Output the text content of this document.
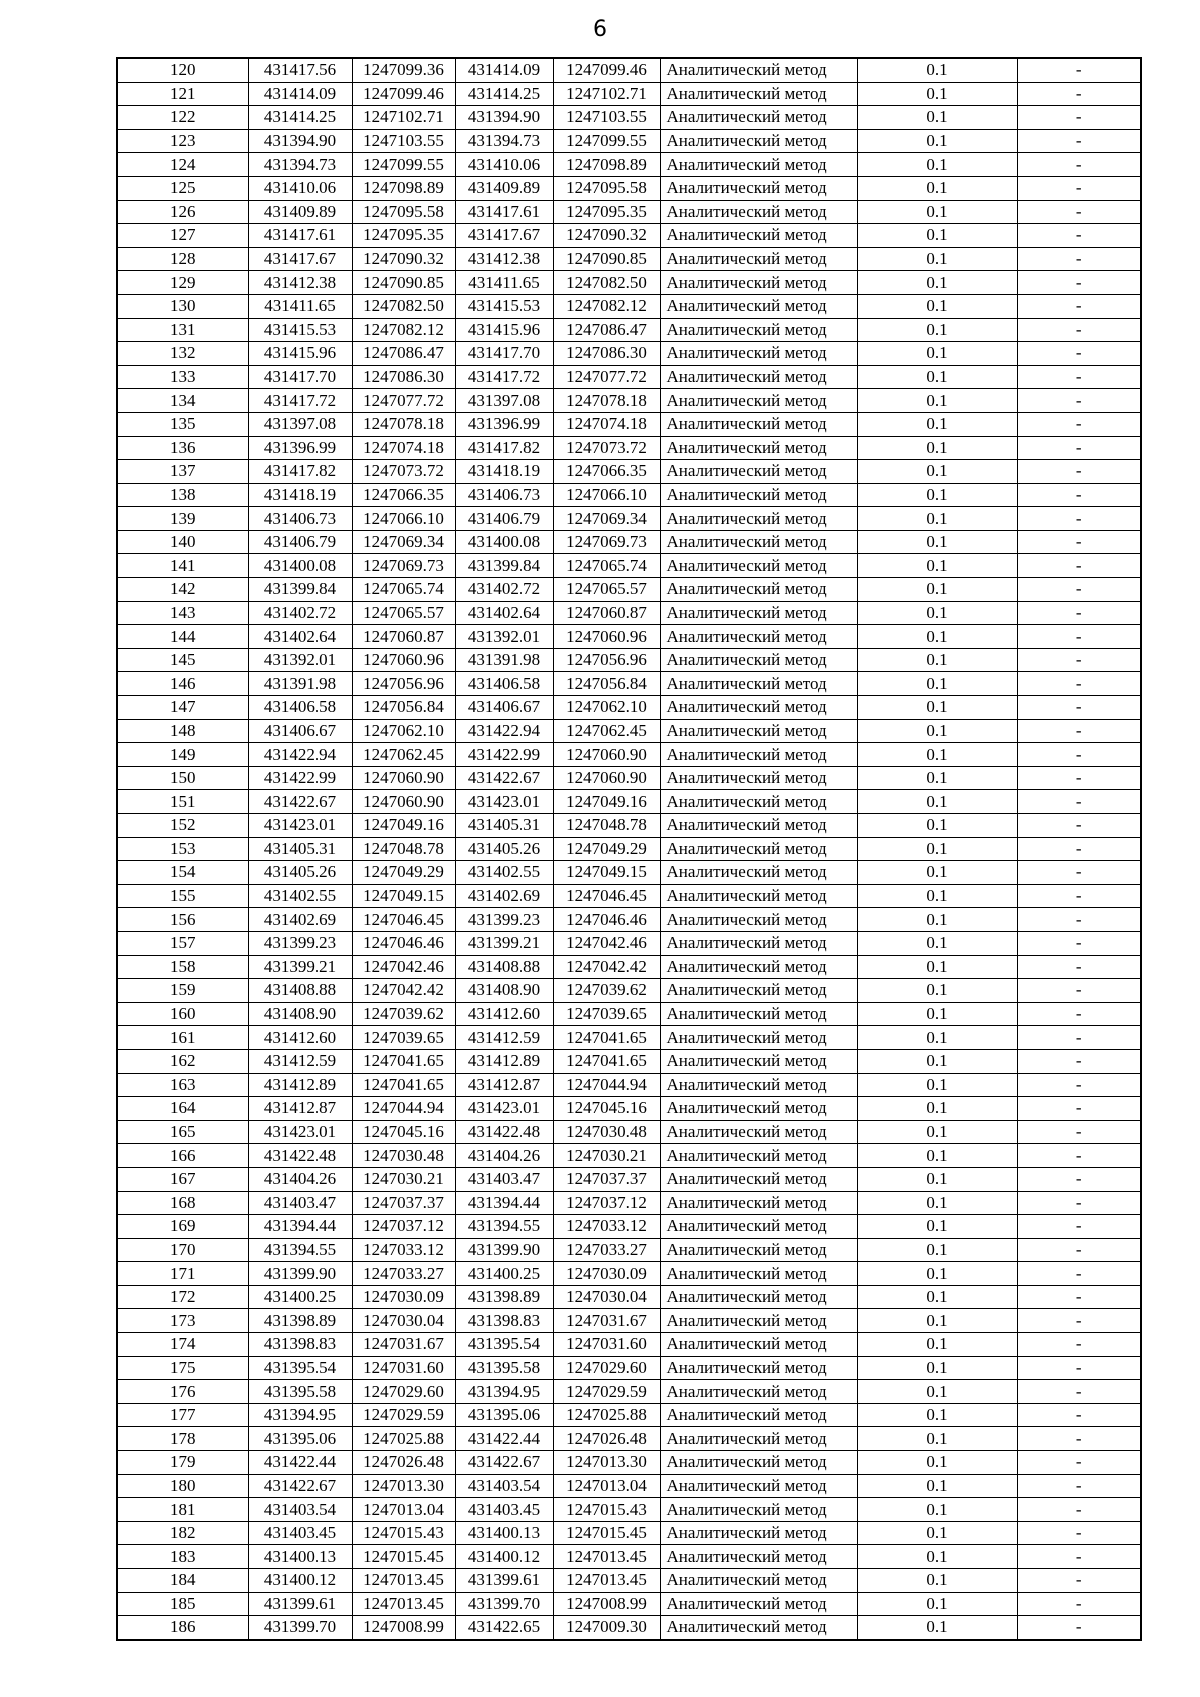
6
120	431417.56	1247099.36	431414.09	1247099.46	Аналитический метод	0.1	-
121	431414.09	1247099.46	431414.25	1247102.71	Аналитический метод	0.1	-
122	431414.25	1247102.71	431394.90	1247103.55	Аналитический метод	0.1	-
123	431394.90	1247103.55	431394.73	1247099.55	Аналитический метод	0.1	-
124	431394.73	1247099.55	431410.06	1247098.89	Аналитический метод	0.1	-
125	431410.06	1247098.89	431409.89	1247095.58	Аналитический метод	0.1	-
126	431409.89	1247095.58	431417.61	1247095.35	Аналитический метод	0.1	-
127	431417.61	1247095.35	431417.67	1247090.32	Аналитический метод	0.1	-
128	431417.67	1247090.32	431412.38	1247090.85	Аналитический метод	0.1	-
129	431412.38	1247090.85	431411.65	1247082.50	Аналитический метод	0.1	-
130	431411.65	1247082.50	431415.53	1247082.12	Аналитический метод	0.1	-
131	431415.53	1247082.12	431415.96	1247086.47	Аналитический метод	0.1	-
132	431415.96	1247086.47	431417.70	1247086.30	Аналитический метод	0.1	-
133	431417.70	1247086.30	431417.72	1247077.72	Аналитический метод	0.1	-
134	431417.72	1247077.72	431397.08	1247078.18	Аналитический метод	0.1	-
135	431397.08	1247078.18	431396.99	1247074.18	Аналитический метод	0.1	-
136	431396.99	1247074.18	431417.82	1247073.72	Аналитический метод	0.1	-
137	431417.82	1247073.72	431418.19	1247066.35	Аналитический метод	0.1	-
138	431418.19	1247066.35	431406.73	1247066.10	Аналитический метод	0.1	-
139	431406.73	1247066.10	431406.79	1247069.34	Аналитический метод	0.1	-
140	431406.79	1247069.34	431400.08	1247069.73	Аналитический метод	0.1	-
141	431400.08	1247069.73	431399.84	1247065.74	Аналитический метод	0.1	-
142	431399.84	1247065.74	431402.72	1247065.57	Аналитический метод	0.1	-
143	431402.72	1247065.57	431402.64	1247060.87	Аналитический метод	0.1	-
144	431402.64	1247060.87	431392.01	1247060.96	Аналитический метод	0.1	-
145	431392.01	1247060.96	431391.98	1247056.96	Аналитический метод	0.1	-
146	431391.98	1247056.96	431406.58	1247056.84	Аналитический метод	0.1	-
147	431406.58	1247056.84	431406.67	1247062.10	Аналитический метод	0.1	-
148	431406.67	1247062.10	431422.94	1247062.45	Аналитический метод	0.1	-
149	431422.94	1247062.45	431422.99	1247060.90	Аналитический метод	0.1	-
150	431422.99	1247060.90	431422.67	1247060.90	Аналитический метод	0.1	-
151	431422.67	1247060.90	431423.01	1247049.16	Аналитический метод	0.1	-
152	431423.01	1247049.16	431405.31	1247048.78	Аналитический метод	0.1	-
153	431405.31	1247048.78	431405.26	1247049.29	Аналитический метод	0.1	-
154	431405.26	1247049.29	431402.55	1247049.15	Аналитический метод	0.1	-
155	431402.55	1247049.15	431402.69	1247046.45	Аналитический метод	0.1	-
156	431402.69	1247046.45	431399.23	1247046.46	Аналитический метод	0.1	-
157	431399.23	1247046.46	431399.21	1247042.46	Аналитический метод	0.1	-
158	431399.21	1247042.46	431408.88	1247042.42	Аналитический метод	0.1	-
159	431408.88	1247042.42	431408.90	1247039.62	Аналитический метод	0.1	-
160	431408.90	1247039.62	431412.60	1247039.65	Аналитический метод	0.1	-
161	431412.60	1247039.65	431412.59	1247041.65	Аналитический метод	0.1	-
162	431412.59	1247041.65	431412.89	1247041.65	Аналитический метод	0.1	-
163	431412.89	1247041.65	431412.87	1247044.94	Аналитический метод	0.1	-
164	431412.87	1247044.94	431423.01	1247045.16	Аналитический метод	0.1	-
165	431423.01	1247045.16	431422.48	1247030.48	Аналитический метод	0.1	-
166	431422.48	1247030.48	431404.26	1247030.21	Аналитический метод	0.1	-
167	431404.26	1247030.21	431403.47	1247037.37	Аналитический метод	0.1	-
168	431403.47	1247037.37	431394.44	1247037.12	Аналитический метод	0.1	-
169	431394.44	1247037.12	431394.55	1247033.12	Аналитический метод	0.1	-
170	431394.55	1247033.12	431399.90	1247033.27	Аналитический метод	0.1	-
171	431399.90	1247033.27	431400.25	1247030.09	Аналитический метод	0.1	-
172	431400.25	1247030.09	431398.89	1247030.04	Аналитический метод	0.1	-
173	431398.89	1247030.04	431398.83	1247031.67	Аналитический метод	0.1	-
174	431398.83	1247031.67	431395.54	1247031.60	Аналитический метод	0.1	-
175	431395.54	1247031.60	431395.58	1247029.60	Аналитический метод	0.1	-
176	431395.58	1247029.60	431394.95	1247029.59	Аналитический метод	0.1	-
177	431394.95	1247029.59	431395.06	1247025.88	Аналитический метод	0.1	-
178	431395.06	1247025.88	431422.44	1247026.48	Аналитический метод	0.1	-
179	431422.44	1247026.48	431422.67	1247013.30	Аналитический метод	0.1	-
180	431422.67	1247013.30	431403.54	1247013.04	Аналитический метод	0.1	-
181	431403.54	1247013.04	431403.45	1247015.43	Аналитический метод	0.1	-
182	431403.45	1247015.43	431400.13	1247015.45	Аналитический метод	0.1	-
183	431400.13	1247015.45	431400.12	1247013.45	Аналитический метод	0.1	-
184	431400.12	1247013.45	431399.61	1247013.45	Аналитический метод	0.1	-
185	431399.61	1247013.45	431399.70	1247008.99	Аналитический метод	0.1	-
186	431399.70	1247008.99	431422.65	1247009.30	Аналитический метод	0.1	-
